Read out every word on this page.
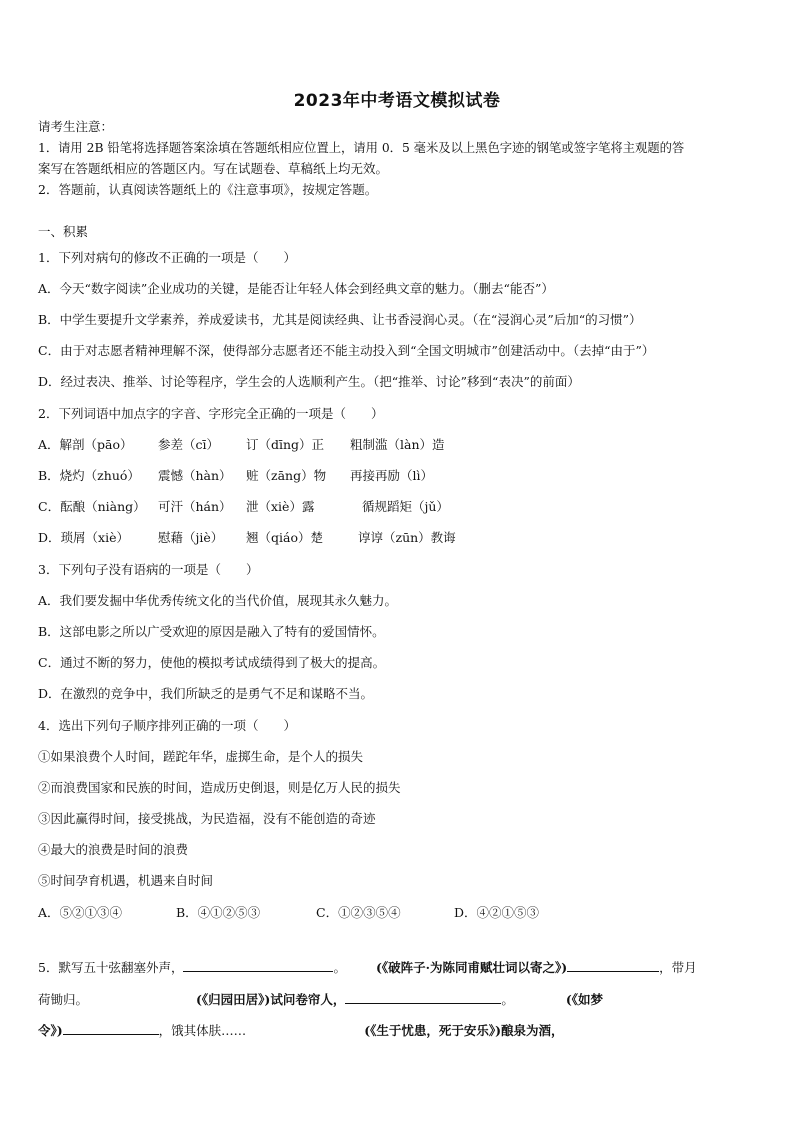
2023年中考语文模拟试卷
请考生注意：
1．请用 2B 铅笔将选择题答案涂填在答题纸相应位置上，请用 0．5 毫米及以上黑色字迹的钢笔或签字笔将主观题的答
案写在答题纸相应的答题区内。写在试题卷、草稿纸上均无效。
2．答题前，认真阅读答题纸上的《注意事项》，按规定答题。
一、积累
1．下列对病句的修改不正确的一项是（　　）
A．今天“数字阅读”企业成功的关键，是能否让年轻人体会到经典文章的魅力。（删去“能否”）
B．中学生要提升文学素养，养成爱读书，尤其是阅读经典、让书香浸润心灵。（在“浸润心灵”后加“的习惯”）
C．由于对志愿者精神理解不深，使得部分志愿者还不能主动投入到“全国文明城市”创建活动中。（去掉“由于”）
D．经过表决、推举、讨论等程序，学生会的人选顺利产生。（把“推举、讨论”移到“表决”的前面）
2．下列词语中加点字的字音、字形完全正确的一项是（　　）
A．解剖（pāo） 参差（cī） 订（dīng）正 粗制滥（làn）造
B．烧灼（zhuó） 震憾（hàn） 赃（zāng）物 再接再励（lì）
C．酝酿（niàng） 可汗（hán） 泄（xiè）露	循规蹈矩（jǔ）
D．琐屑（xiè） 慰藉（jiè） 翘（qiáo）楚	谆谆（zūn）教诲
3．下列句子没有语病的一项是（　　）
A．我们要发掘中华优秀传统文化的当代价值，展现其永久魅力。
B．这部电影之所以广受欢迎的原因是融入了特有的爱国情怀。
C．通过不断的努力，使他的模拟考试成绩得到了极大的提高。
D．在激烈的竞争中，我们所缺乏的是勇气不足和谋略不当。
4．选出下列句子顺序排列正确的一项（　　）
①如果浪费个人时间，蹉跎年华，虚掷生命，是个人的损失
②而浪费国家和民族的时间，造成历史倒退，则是亿万人民的损失
③因此赢得时间，接受挑战，为民造福，没有不能创造的奇迹
④最大的浪费是时间的浪费
⑤时间孕育机遇，机遇来自时间
A．⑤②①③④	B．④①②⑤③	C．①②③⑤④	D．④②①⑤③
5．默写五十弦翻塞外声，	。 (《破阵子·为陈同甫赋壮词以寄之》)	，带月
荷锄归。	(《归园田居》)试问卷帘人，	。	(《如梦
令》)	，饿其体肤……	(《生于忧患，死于安乐》)酿泉为酒，
